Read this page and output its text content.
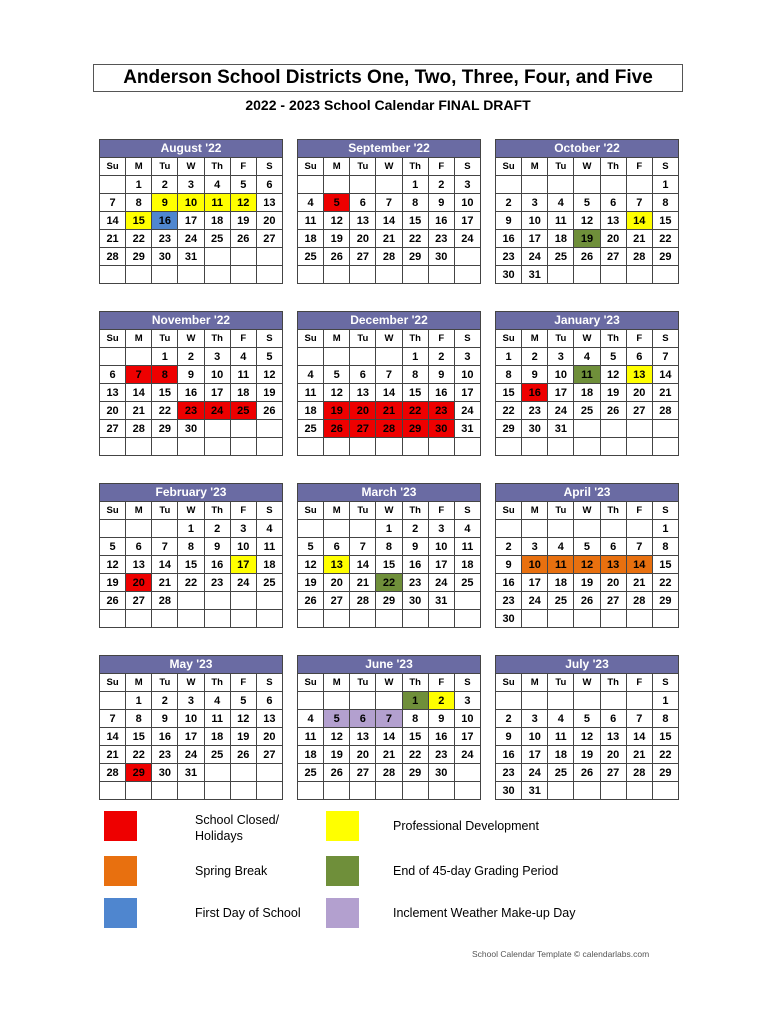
Anderson School Districts One, Two, Three, Four, and Five
2022 - 2023 School Calendar FINAL DRAFT
August '22
Su	M	Tu	W	Th	F	S
	1	2	3	4	5	6
7	8	9	10	11	12	13
14	15	16	17	18	19	20
21	22	23	24	25	26	27
28	29	30	31			

September '22
Su	M	Tu	W	Th	F	S
				1	2	3
4	5	6	7	8	9	10
11	12	13	14	15	16	17
18	19	20	21	22	23	24
25	26	27	28	29	30	

October '22
Su	M	Tu	W	Th	F	S
						1
2	3	4	5	6	7	8
9	10	11	12	13	14	15
16	17	18	19	20	21	22
23	24	25	26	27	28	29
30	31					
November '22
Su	M	Tu	W	Th	F	S
		1	2	3	4	5
6	7	8	9	10	11	12
13	14	15	16	17	18	19
20	21	22	23	24	25	26
27	28	29	30			

December '22
Su	M	Tu	W	Th	F	S
				1	2	3
4	5	6	7	8	9	10
11	12	13	14	15	16	17
18	19	20	21	22	23	24
25	26	27	28	29	30	31

January '23
Su	M	Tu	W	Th	F	S
1	2	3	4	5	6	7
8	9	10	11	12	13	14
15	16	17	18	19	20	21
22	23	24	25	26	27	28
29	30	31				

February '23
Su	M	Tu	W	Th	F	S
			1	2	3	4
5	6	7	8	9	10	11
12	13	14	15	16	17	18
19	20	21	22	23	24	25
26	27	28				

March '23
Su	M	Tu	W	Th	F	S
			1	2	3	4
5	6	7	8	9	10	11
12	13	14	15	16	17	18
19	20	21	22	23	24	25
26	27	28	29	30	31	

April '23
Su	M	Tu	W	Th	F	S
						1
2	3	4	5	6	7	8
9	10	11	12	13	14	15
16	17	18	19	20	21	22
23	24	25	26	27	28	29
30						
May '23
Su	M	Tu	W	Th	F	S
	1	2	3	4	5	6
7	8	9	10	11	12	13
14	15	16	17	18	19	20
21	22	23	24	25	26	27
28	29	30	31			

June '23
Su	M	Tu	W	Th	F	S
				1	2	3
4	5	6	7	8	9	10
11	12	13	14	15	16	17
18	19	20	21	22	23	24
25	26	27	28	29	30	

July '23
Su	M	Tu	W	Th	F	S
						1
2	3	4	5	6	7	8
9	10	11	12	13	14	15
16	17	18	19	20	21	22
23	24	25	26	27	28	29
30	31					
School Closed/
Holidays
Professional Development
Spring Break	End of 45-day Grading Period
First Day of School	Inclement Weather Make-up Day
School Calendar Template © calendarlabs.com
